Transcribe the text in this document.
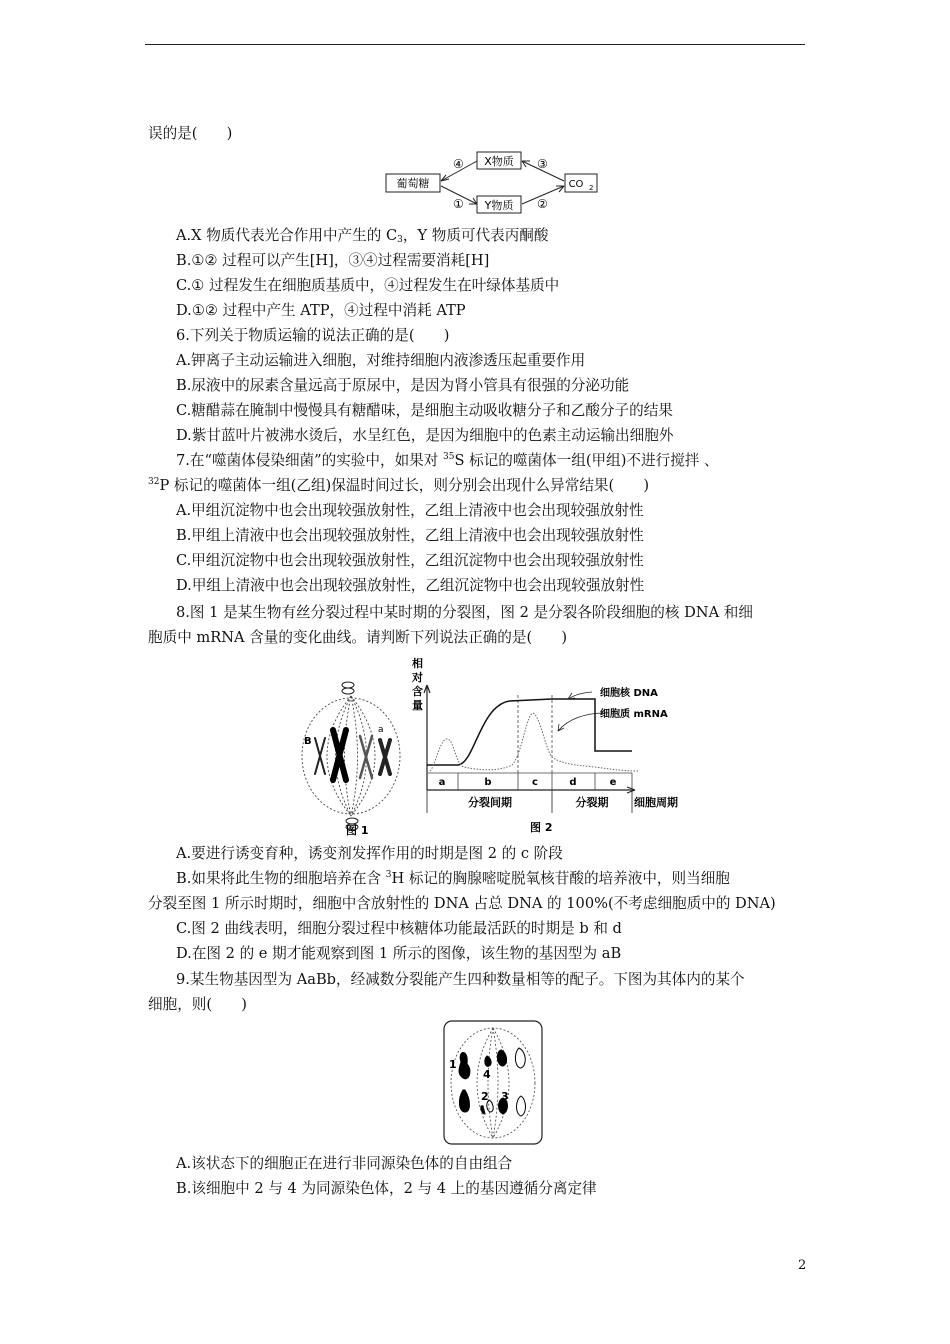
误的是(　　)
葡萄糖
X物质
Y物质
CO 2
④
①
③
②
A.X 物质代表光合作用中产生的 $C_3$，Y 物质可代表丙酮酸
B.①② 过程可以产生[H]，③④过程需要消耗[H]
C.① 过程发生在细胞质基质中，④过程发生在叶绿体基质中
D.①② 过程中产生 ATP，④过程中消耗 ATP
6.下列关于物质运输的说法正确的是(　　)
A.钾离子主动运输进入细胞，对维持细胞内液渗透压起重要作用
B.尿液中的尿素含量远高于原尿中，是因为肾小管具有很强的分泌功能
C.糖醋蒜在腌制中慢慢具有糖醋味，是细胞主动吸收糖分子和乙酸分子的结果
D.紫甘蓝叶片被沸水烫后，水呈红色，是因为细胞中的色素主动运输出细胞外
7.在“噬菌体侵染细菌”的实验中，如果对 $^{35}$S 标记的噬菌体一组(甲组)不进行搅拌 、
$^{32}$P 标记的噬菌体一组(乙组)保温时间过长，则分别会出现什么异常结果(　　)
A.甲组沉淀物中也会出现较强放射性，乙组上清液中也会出现较强放射性
B.甲组上清液中也会出现较强放射性，乙组上清液中也会出现较强放射性
C.甲组沉淀物中也会出现较强放射性，乙组沉淀物中也会出现较强放射性
D.甲组上清液中也会出现较强放射性，乙组沉淀物中也会出现较强放射性
8.图 1 是某生物有丝分裂过程中某时期的分裂图，图 2 是分裂各阶段细胞的核 DNA 和细
胞质中 mRNA 含量的变化曲线。请判断下列说法正确的是(　　)
B
a
图 1
相
对
含
量
a	b	c	d	e
细胞核 DNA
细胞质 mRNA
分裂间期	分裂期 细胞周期
图 2
A.要进行诱变育种，诱变剂发挥作用的时期是图 2 的 c 阶段
B.如果将此生物的细胞培养在含 $^3$H 标记的胸腺嘧啶脱氧核苷酸的培养液中，则当细胞
分裂至图 1 所示时期时，细胞中含放射性的 DNA 占总 DNA 的 100%(不考虑细胞质中的 DNA)
C.图 2 曲线表明，细胞分裂过程中核糖体功能最活跃的时期是 b 和 d
D.在图 2 的 e 期才能观察到图 1 所示的图像，该生物的基因型为 aB
9.某生物基因型为 AaBb，经减数分裂能产生四种数量相等的配子。下图为其体内的某个
细胞，则(　　)
1
2 3
4
A.该状态下的细胞正在进行非同源染色体的自由组合
B.该细胞中 2 与 4 为同源染色体，2 与 4 上的基因遵循分离定律
2
